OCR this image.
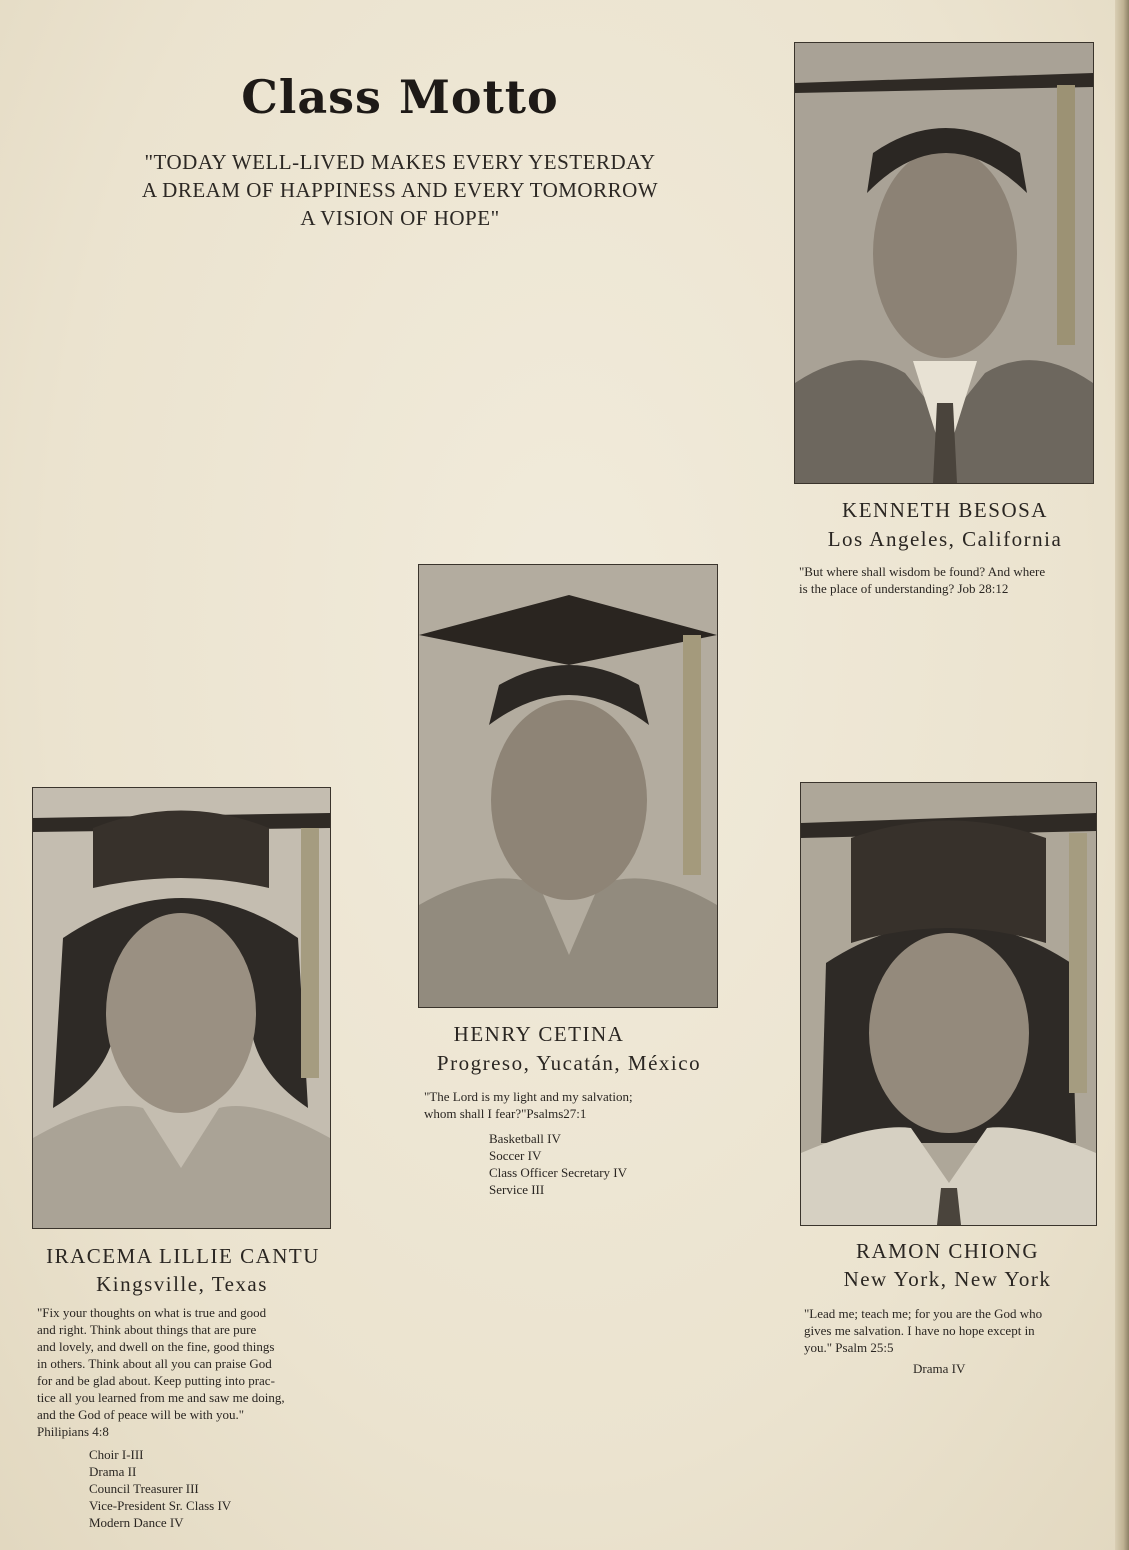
Class Motto
"TODAY WELL-LIVED MAKES EVERY YESTERDAY
A DREAM OF HAPPINESS AND EVERY TOMORROW
A VISION OF HOPE"
KENNETH BESOSA
Los Angeles, California
"But where shall wisdom be found? And where
is the place of understanding? Job 28:12
HENRY CETINA
Progreso, Yucatán, México
"The Lord is my light and my salvation;
whom shall I fear?"Psalms27:1
Basketball IV
Soccer IV
Class Officer Secretary IV
Service III
IRACEMA LILLIE CANTU
Kingsville, Texas
"Fix your thoughts on what is true and good
and right. Think about things that are pure
and lovely, and dwell on the fine, good things
in others. Think about all you can praise God
for and be glad about. Keep putting into prac-
tice all you learned from me and saw me doing,
and the God of peace will be with you."
Philipians 4:8
Choir I-III
Drama II
Council Treasurer III
Vice-President Sr. Class IV
Modern Dance IV
RAMON CHIONG
New York, New York
"Lead me; teach me; for you are the God who
gives me salvation. I have no hope except in
you." Psalm 25:5
Drama IV
